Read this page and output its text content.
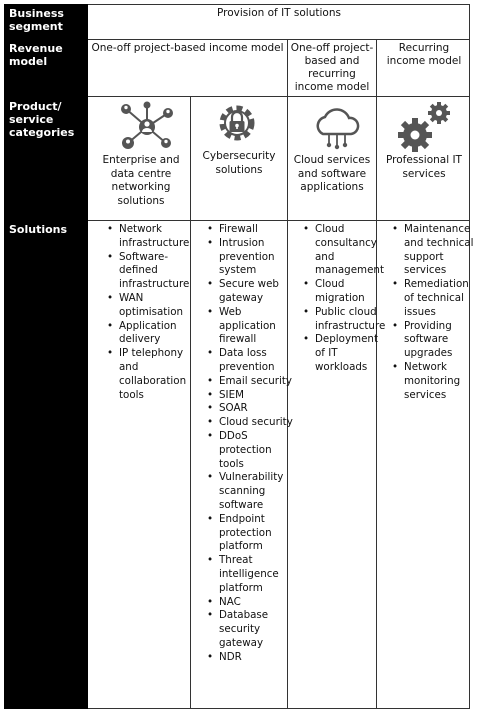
Business segment
Revenue model
Product/ service categories
Solutions
Provision of IT solutions
One-off project-based income model One-off project-based and recurring income model
Recurring income model
Enterprise and data centre networking solutions
Cybersecurity solutions
Cloud services and software applications
Professional IT services
• Network infrastructure
• Software-defined infrastructure
• WAN optimisation
• Application delivery
• IP telephony and collaboration tools
• Firewall
• Intrusion prevention system
• Secure web gateway
• Web application firewall
• Data loss prevention
• Email security
• SIEM
• SOAR
• Cloud security
• DDoS protection tools
• Vulnerability scanning software
• Endpoint protection platform
• Threat intelligence platform
• NAC
• Database security gateway
• NDR
• Cloud consultancy and management
• Cloud migration
• Public cloud infrastructure
• Deployment of IT workloads
• Maintenance and technical support services
• Remediation of technical issues
• Providing software upgrades
• Network monitoring services
